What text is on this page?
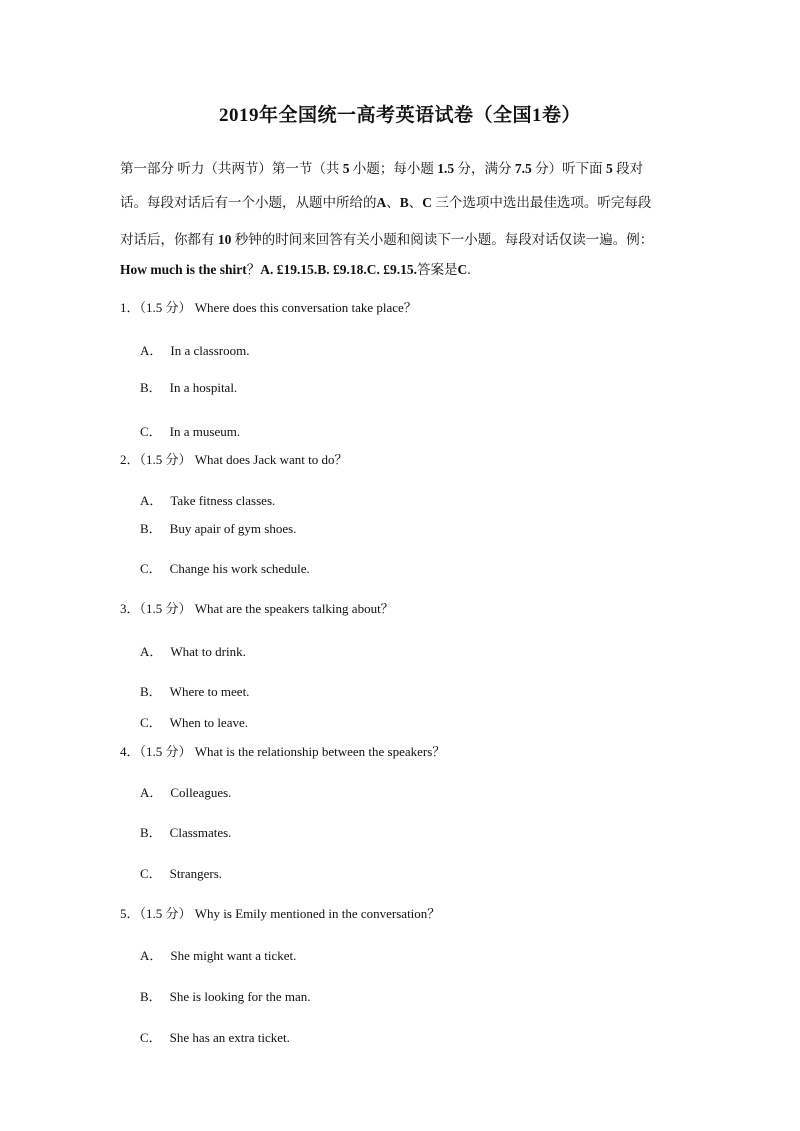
2019年全国统一高考英语试卷（全国1卷）
第一部分 听力（共两节）第一节（共 5 小题；每小题 1.5 分，满分 7.5 分）听下面 5 段对
话。每段对话后有一个小题，从题中所给的A、B、C 三个选项中选出最佳选项。听完每段
对话后，你都有 10 秒钟的时间来回答有关小题和阅读下一小题。每段对话仅读一遍。例：
How much is the shirt？A. £19.15.B. £9.18.C. £9.15.答案是C.
1．（1.5 分） Where does this conversation take place？
A． In a classroom.
B． In a hospital.
C． In a museum.
2．（1.5 分） What does Jack want to do？
A． Take fitness classes.
B． Buy apair of gym shoes.
C． Change his work schedule.
3．（1.5 分） What are the speakers talking about？
A． What to drink.
B． Where to meet.
C． When to leave.
4．（1.5 分） What is the relationship between the speakers？
A． Colleagues.
B． Classmates.
C． Strangers.
5．（1.5 分） Why is Emily mentioned in the conversation？
A． She might want a ticket.
B． She is looking for the man.
C． She has an extra ticket.
